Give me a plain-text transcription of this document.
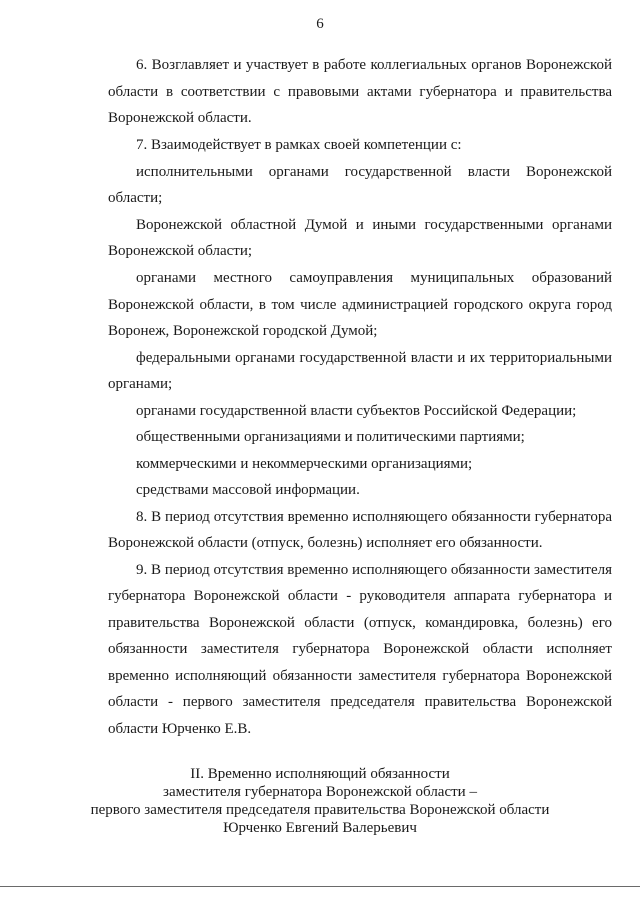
6
6. Возглавляет и участвует в работе коллегиальных органов Воронежской
области в соответствии с правовыми актами губернатора и правительства
Воронежской области.
7. Взаимодействует в рамках своей компетенции с:
исполнительными органами государственной власти Воронежской
области;
Воронежской областной Думой и иными государственными органами
Воронежской области;
органами местного самоуправления муниципальных образований
Воронежской области, в том числе администрацией городского округа город
Воронеж, Воронежской городской Думой;
федеральными органами государственной власти и их территориальными
органами;
органами государственной власти субъектов Российской Федерации;
общественными организациями и политическими партиями;
коммерческими и некоммерческими организациями;
средствами массовой информации.
8. В период отсутствия временно исполняющего обязанности губернатора
Воронежской области (отпуск, болезнь) исполняет его обязанности.
9. В период отсутствия временно исполняющего обязанности заместителя
губернатора Воронежской области - руководителя аппарата губернатора и
правительства Воронежской области (отпуск, командировка, болезнь) его
обязанности заместителя губернатора Воронежской области исполняет
временно исполняющий обязанности заместителя губернатора Воронежской
области - первого заместителя председателя правительства Воронежской
области Юрченко Е.В.
II. Временно исполняющий обязанности
заместителя губернатора Воронежской области –
первого заместителя председателя правительства Воронежской области
Юрченко Евгений Валерьевич
